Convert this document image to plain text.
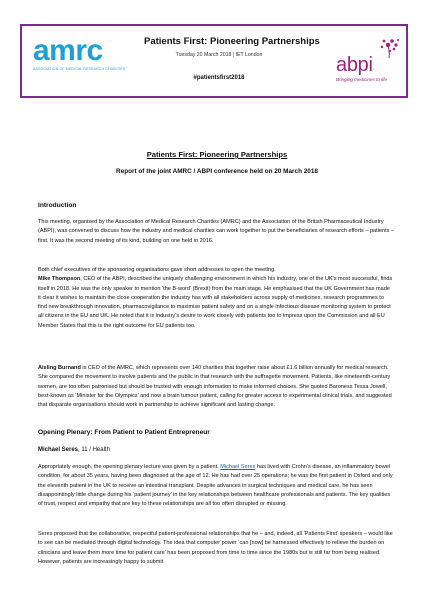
amrc
ASSOCIATION OF MEDICAL RESEARCH CHARITIES
Patients First: Pioneering Partnerships
Tuesday 20 March 2018 | IET London
#patientsfirst2018
abpi
Bringing medicines to life
Patients First: Pioneering Partnerships
Report of the joint AMRC / ABPI conference held on 20 March 2018
Introduction

This meeting, organised by the Association of Medical Research Charities (AMRC) and the Association of the British Pharmaceutical Industry (ABPI), was convened to discuss how the industry and medical charities can work together to put the beneficiaries of research efforts – patients – first. It was the second meeting of its kind, building on one held in 2016.

Both chief executives of the sponsoring organisations gave short addresses to open the meeting.
Mike Thompson, CEO of the ABPI, described the uniquely challenging environment in which his industry, one of the UK's most successful, finds itself in 2018. He was the only speaker to mention ‘the B-word’ (Brexit) from the main stage. He emphasised that the UK Government has made it clear it wishes to maintain the close cooperation the industry has with all stakeholders across supply of medicines, research programmes to find new breakthrough innovation, pharmacovigilance to maximise patient safety and on a single infectious disease monitoring system to protect all citizens in the EU and UK. He noted that it is industry’s desire to work closely with patients too to impress upon the Commission and all EU Member States that this is the right outcome for EU patients too.

Aisling Burnand is CEO of the AMRC, which represents over 140 charities that together raise about £1.6 billion annually for medical research. She compared the movement to involve patients and the public in that research with the suffragette movement. Patients, like nineteenth-century women, are too often patronised but should be trusted with enough information to make informed choices. She quoted Baroness Tessa Jowell, best-known as ‘Minister for the Olympics’ and now a brain tumour patient, calling for greater access to experimental clinical trials, and suggested that disparate organisations should work in partnership to achieve significant and lasting change.

Opening Plenary: From Patient to Patient Entrepreneur
Michael Seres, 11 / Health

Appropriately enough, the opening plenary lecture was given by a patient. Michael Seres has lived with Crohn’s disease, an inflammatory bowel condition, for about 35 years, having been diagnosed at the age of 12. He has had over 25 operations; he was the first patient in Oxford and only the eleventh patient in the UK to receive an intestinal transplant. Despite advances in surgical techniques and medical care, he has seen disappointingly little change during his ‘patient journey’ in the key relationships between healthcare professionals and patients. The key qualities of trust, respect and empathy that are key to these relationships are all too often disrupted or missing.

Seres proposed that the collaborative, respectful patient-professional relationships that he – and, indeed, all ‘Patients First’ speakers – would like to see can be mediated through digital technology. The idea that computer power ‘can [now] be harnessed effectively to relieve the burden on clinicians and leave them more time for patient care’ has been proposed from time to time since the 1980s but is still far from being realised. However, patients are increasingly happy to submit
